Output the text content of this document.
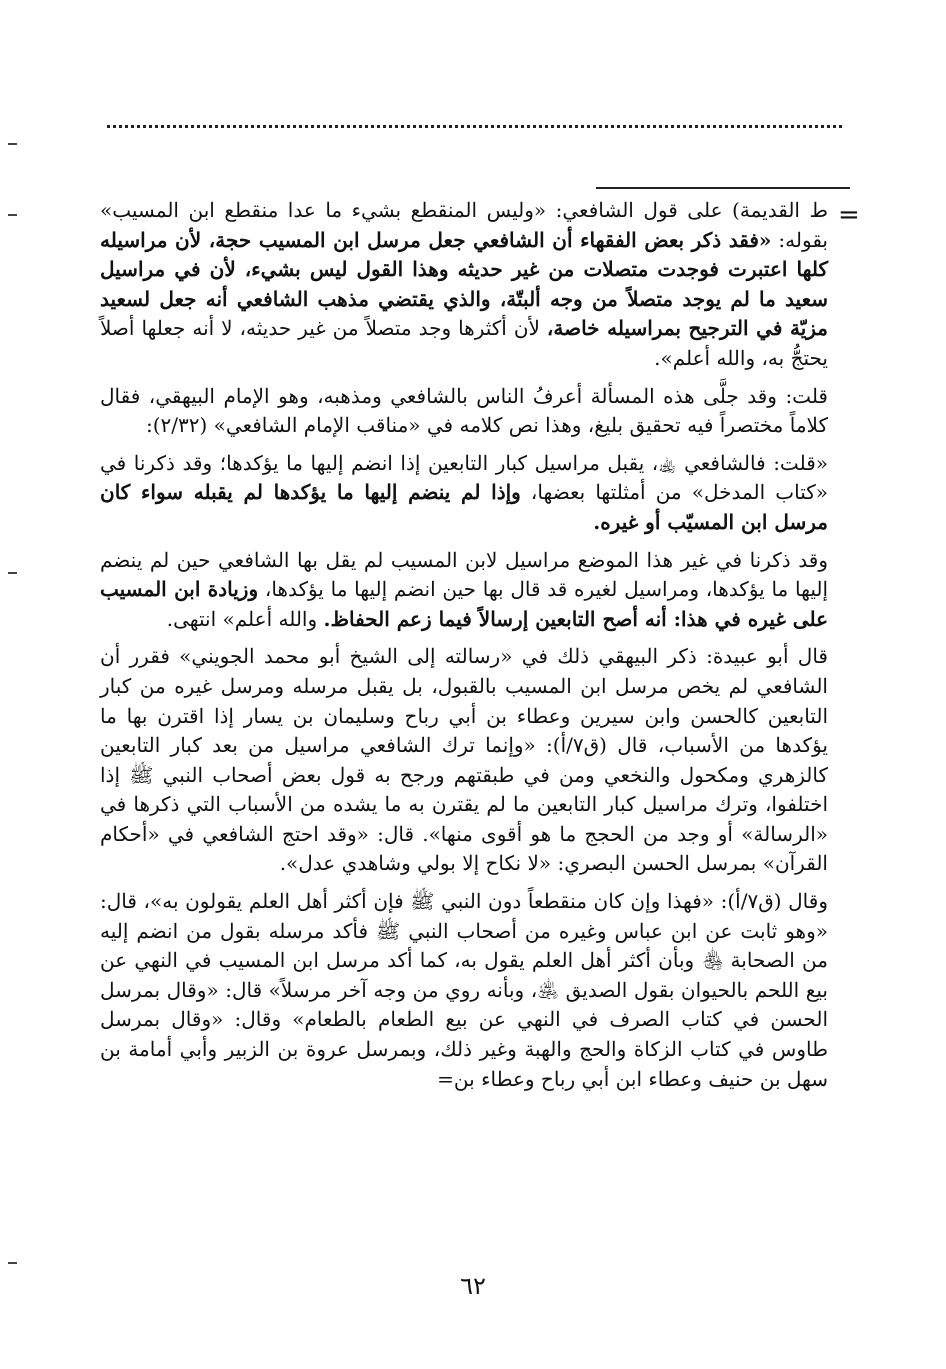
=

ط القديمة) على قول الشافعي: «وليس المنقطع بشيء ما عدا منقطع ابن المسيب» بقوله: «فقد ذكر بعض الفقهاء أن الشافعي جعل مرسل ابن المسيب حجة، لأن مراسيله كلها اعتبرت فوجدت متصلات من غير حديثه وهذا القول ليس بشيء، لأن في مراسيل سعيد ما لم يوجد متصلاً من وجه ألبتّة، والذي يقتضي مذهب الشافعي أنه جعل لسعيد مزيّة في الترجيح بمراسيله خاصة، لأن أكثرها وجد متصلاً من غير حديثه، لا أنه جعلها أصلاً يحتجُّ به، والله أعلم».

قلت: وقد جلَّى هذه المسألة أعرفُ الناس بالشافعي ومذهبه، وهو الإمام البيهقي، فقال كلاماً مختصراً فيه تحقيق بليغ، وهذا نص كلامه في «مناقب الإمام الشافعي» (٢/٣٢):

«قلت: فالشافعي ﵀، يقبل مراسيل كبار التابعين إذا انضم إليها ما يؤكدها؛ وقد ذكرنا في «كتاب المدخل» من أمثلتها بعضها، وإذا لم ينضم إليها ما يؤكدها لم يقبله سواء كان مرسل ابن المسيّب أو غيره.

وقد ذكرنا في غير هذا الموضع مراسيل لابن المسيب لم يقل بها الشافعي حين لم ينضم إليها ما يؤكدها، ومراسيل لغيره قد قال بها حين انضم إليها ما يؤكدها، وزيادة ابن المسيب على غيره في هذا: أنه أصح التابعين إرسالاً فيما زعم الحفاظ. والله أعلم» انتهى.

قال أبو عبيدة: ذكر البيهقي ذلك في «رسالته إلى الشيخ أبو محمد الجويني» فقرر أن الشافعي لم يخص مرسل ابن المسيب بالقبول، بل يقبل مرسله ومرسل غيره من كبار التابعين كالحسن وابن سيرين وعطاء بن أبي رباح وسليمان بن يسار إذا اقترن بها ما يؤكدها من الأسباب، قال (ق٧/أ): «وإنما ترك الشافعي مراسيل من بعد كبار التابعين كالزهري ومكحول والنخعي ومن في طبقتهم ورجح به قول بعض أصحاب النبي ﷺ إذا اختلفوا، وترك مراسيل كبار التابعين ما لم يقترن به ما يشده من الأسباب التي ذكرها في «الرسالة» أو وجد من الحجج ما هو أقوى منها». قال: «وقد احتج الشافعي في «أحكام القرآن» بمرسل الحسن البصري: «لا نكاح إلا بولي وشاهدي عدل».

وقال (ق٧/أ): «فهذا وإن كان منقطعاً دون النبي ﷺ فإن أكثر أهل العلم يقولون به»، قال: «وهو ثابت عن ابن عباس وغيره من أصحاب النبي ﷺ فأكد مرسله بقول من انضم إليه من الصحابة ﵃ وبأن أكثر أهل العلم يقول به، كما أكد مرسل ابن المسيب في النهي عن بيع اللحم بالحيوان بقول الصديق ﵁، وبأنه روي من وجه آخر مرسلاً» قال: «وقال بمرسل الحسن في كتاب الصرف في النهي عن بيع الطعام بالطعام» وقال: «وقال بمرسل طاوس في كتاب الزكاة والحج والهبة وغير ذلك، وبمرسل عروة بن الزبير وأبي أمامة بن سهل بن حنيف وعطاء ابن أبي رباح وعطاء بن=

٦٢
